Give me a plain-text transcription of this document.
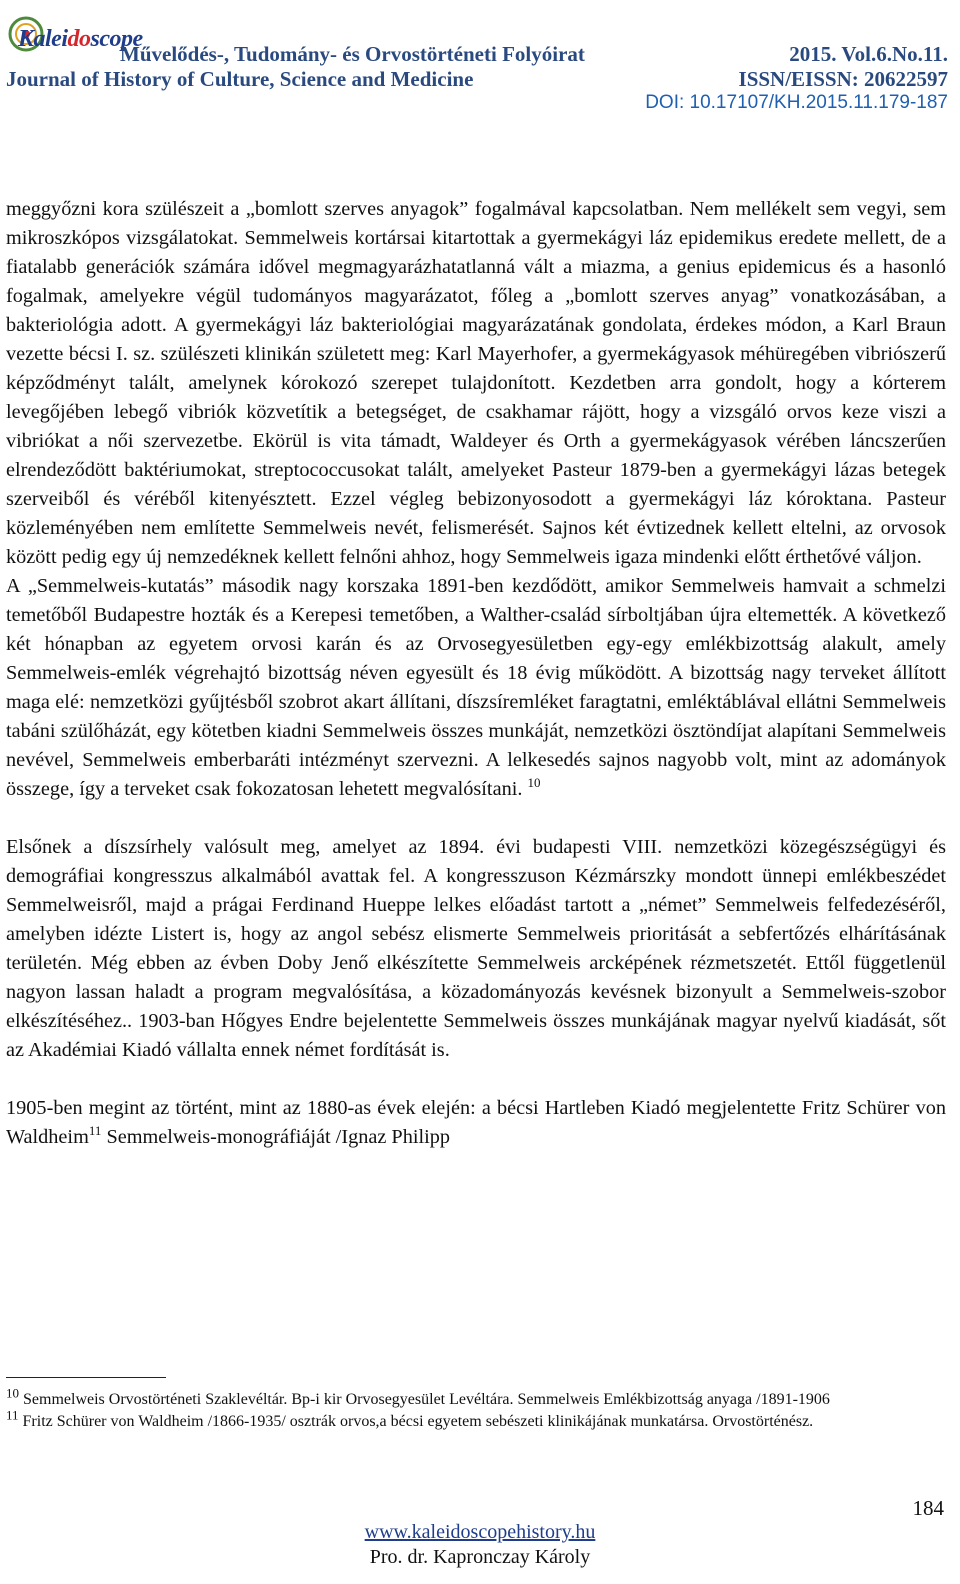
Kaleidoscope
Művelődés-, Tudomány- és Orvostörténeti Folyóirat	2015. Vol.6.No.11.
Journal of History of Culture, Science and Medicine	ISSN/EISSN: 20622597
DOI: 10.17107/KH.2015.11.179-187

meggyőzni kora szülészeit a „bomlott szerves anyagok” fogalmával kapcsolatban. Nem mellékelt sem vegyi, sem mikroszkópos vizsgálatokat. Semmelweis kortársai kitartottak a gyermekágyi láz epidemikus eredete mellett, de a fiatalabb generációk számára idővel megmagyarázhatatlanná vált a miazma, a genius epidemicus és a hasonló fogalmak, amelyekre végül tudományos magyarázatot, főleg a „bomlott szerves anyag” vonatkozásában, a bakteriológia adott. A gyermekágyi láz bakteriológiai magyarázatának gondolata, érdekes módon, a Karl Braun vezette bécsi I. sz. szülészeti klinikán született meg: Karl Mayerhofer, a gyermekágyasok méhüregében vibriószerű képződményt talált, amelynek kórokozó szerepet tulajdonított. Kezdetben arra gondolt, hogy a kórterem levegőjében lebegő vibriók közvetítik a betegséget, de csakhamar rájött, hogy a vizsgáló orvos keze viszi a vibriókat a női szervezetbe. Ekörül is vita támadt, Waldeyer és Orth a gyermekágyasok vérében láncszerűen elrendeződött baktériumokat, streptococcusokat talált, amelyeket Pasteur 1879-ben a gyermekágyi lázas betegek szerveiből és véréből kitenyésztett. Ezzel végleg bebizonyosodott a gyermekágyi láz kóroktana. Pasteur közleményében nem említette Semmelweis nevét, felismerését. Sajnos két évtizednek kellett eltelni, az orvosok között pedig egy új nemzedéknek kellett felnőni ahhoz, hogy Semmelweis igaza mindenki előtt érthetővé váljon.

A „Semmelweis-kutatás” második nagy korszaka 1891-ben kezdődött, amikor Semmelweis hamvait a schmelzi temetőből Budapestre hozták és a Kerepesi temetőben, a Walther-család sírboltjában újra eltemették. A következő két hónapban az egyetem orvosi karán és az Orvosegyesületben egy-egy emlékbizottság alakult, amely Semmelweis-emlék végrehajtó bizottság néven egyesült és 18 évig működött. A bizottság nagy terveket állított maga elé: nemzetközi gyűjtésből szobrot akart állítani, díszsíremléket faragtatni, emléktáblával ellátni Semmelweis tabáni szülőházát, egy kötetben kiadni Semmelweis összes munkáját, nemzetközi ösztöndíjat alapítani Semmelweis nevével, Semmelweis emberbaráti intézményt szervezni. A lelkesedés sajnos nagyobb volt, mint az adományok összege, így a terveket csak fokozatosan lehetett megvalósítani. $^{10}$

Elsőnek a díszsírhely valósult meg, amelyet az 1894. évi budapesti VIII. nemzetközi közegészségügyi és demográfiai kongresszus alkalmából avattak fel. A kongresszuson Kézmárszky mondott ünnepi emlékbeszédet Semmelweisről, majd a prágai Ferdinand Hueppe lelkes előadást tartott a „német” Semmelweis felfedezéséről, amelyben idézte Listert is, hogy az angol sebész elismerte Semmelweis prioritását a sebfertőzés elhárításának területén. Még ebben az évben Doby Jenő elkészítette Semmelweis arcképének rézmetszetét. Ettől függetlenül nagyon lassan haladt a program megvalósítása, a közadományozás kevésnek bizonyult a Semmelweis-szobor elkészítéséhez.. 1903-ban Hőgyes Endre bejelentette Semmelweis összes munkájának magyar nyelvű kiadását, sőt az Akadémiai Kiadó vállalta ennek német fordítását is.

1905-ben megint az történt, mint az 1880-as évek elején: a bécsi Hartleben Kiadó megjelentette Fritz Schürer von Waldheim$^{11}$ Semmelweis-monográfiáját /Ignaz Philipp

$^{10}$ Semmelweis Orvostörténeti Szaklevéltár. Bp-i kir Orvosegyesület Levéltára. Semmelweis Emlékbizottság anyaga /1891-1906

$^{11}$ Fritz Schürer von Waldheim /1866-1935/ osztrák orvos,a bécsi egyetem sebészeti klinikájának munkatársa. Orvostörténész.

184
www.kaleidoscopehistory.hu
Pro. dr. Kapronczay Károly
